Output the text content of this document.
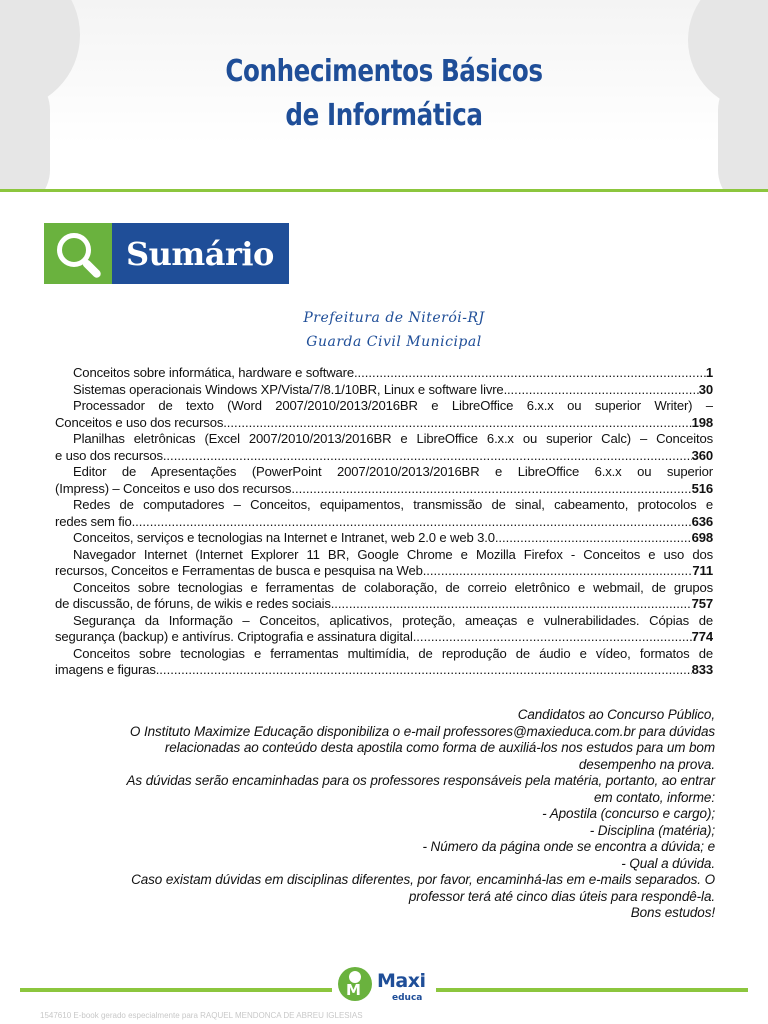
Conhecimentos Básicos
de Informática
Sumário
Prefeitura de Niterói-RJ
Guarda Civil Municipal
Conceitos sobre informática, hardware e software. .....	1
Sistemas operacionais Windows XP/Vista/7/8.1/10BR, Linux e software livre.. .....	30
Processador de texto (Word 2007/2010/2013/2016BR e LibreOffice 6.x.x ou superior Writer) –
Conceitos e uso dos recursos. .....	198
Planilhas eletrônicas (Excel 2007/2010/2013/2016BR e LibreOffice 6.x.x ou superior Calc) – Conceitos
e uso dos recursos. .....	360
Editor de Apresentações (PowerPoint 2007/2010/2013/2016BR e LibreOffice 6.x.x ou superior
(Impress) – Conceitos e uso dos recursos .....	516
Redes de computadores – Conceitos, equipamentos, transmissão de sinal, cabeamento, protocolos e
redes sem fio. .....	636
Conceitos, serviços e tecnologias na Internet e Intranet, web 2.0 e web 3.0. .....	698
Navegador Internet (Internet Explorer 11 BR, Google Chrome e Mozilla Firefox - Conceitos e uso dos
recursos, Conceitos e Ferramentas de busca e pesquisa na Web. .....	711
Conceitos sobre tecnologias e ferramentas de colaboração, de correio eletrônico e webmail, de grupos
de discussão, de fóruns, de wikis e redes sociais. .....	757
Segurança da Informação – Conceitos, aplicativos, proteção, ameaças e vulnerabilidades. Cópias de
segurança (backup) e antivírus. Criptografia e assinatura digital. .....	774
Conceitos sobre tecnologias e ferramentas multimídia, de reprodução de áudio e vídeo, formatos de
imagens e figuras. .....	833
Candidatos ao Concurso Público,
O Instituto Maximize Educação disponibiliza o e-mail professores@maxieduca.com.br para dúvidas
relacionadas ao conteúdo desta apostila como forma de auxiliá-los nos estudos para um bom
desempenho na prova.
As dúvidas serão encaminhadas para os professores responsáveis pela matéria, portanto, ao entrar
em contato, informe:
- Apostila (concurso e cargo);
- Disciplina (matéria);
- Número da página onde se encontra a dúvida; e
- Qual a dúvida.
Caso existam dúvidas em disciplinas diferentes, por favor, encaminhá-las em e-mails separados. O
professor terá até cinco dias úteis para respondê-la.
Bons estudos!
M
Maxi
educa
1547610 E-book gerado especialmente para RAQUEL MENDONCA DE ABREU IGLESIAS
